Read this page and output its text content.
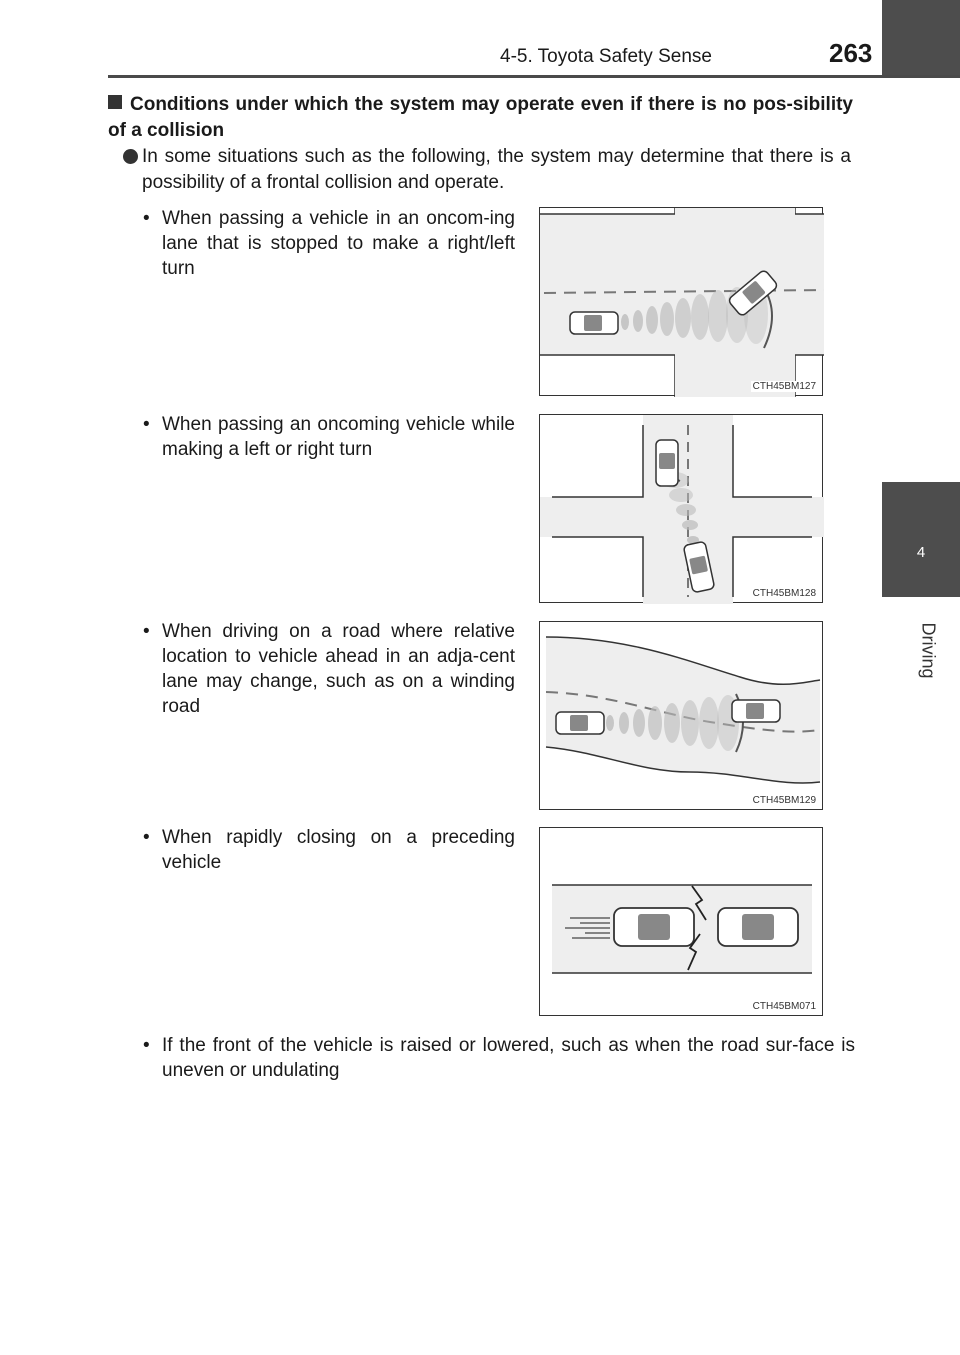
4-5. Toyota Safety Sense	263
4
Driving
Conditions under which the system may operate even if there is no pos-sibility of a collision
In some situations such as the following, the system may determine that there is a possibility of a frontal collision and operate.
• When passing a vehicle in an oncom-ing lane that is stopped to make a right/left turn
• When passing an oncoming vehicle while making a left or right turn
• When driving on a road where relative location to vehicle ahead in an adja-cent lane may change, such as on a winding road
• When rapidly closing on a preceding vehicle
• If the front of the vehicle is raised or lowered, such as when the road sur-face is uneven or undulating
CTH45BM127
CTH45BM128
CTH45BM129
CTH45BM071
